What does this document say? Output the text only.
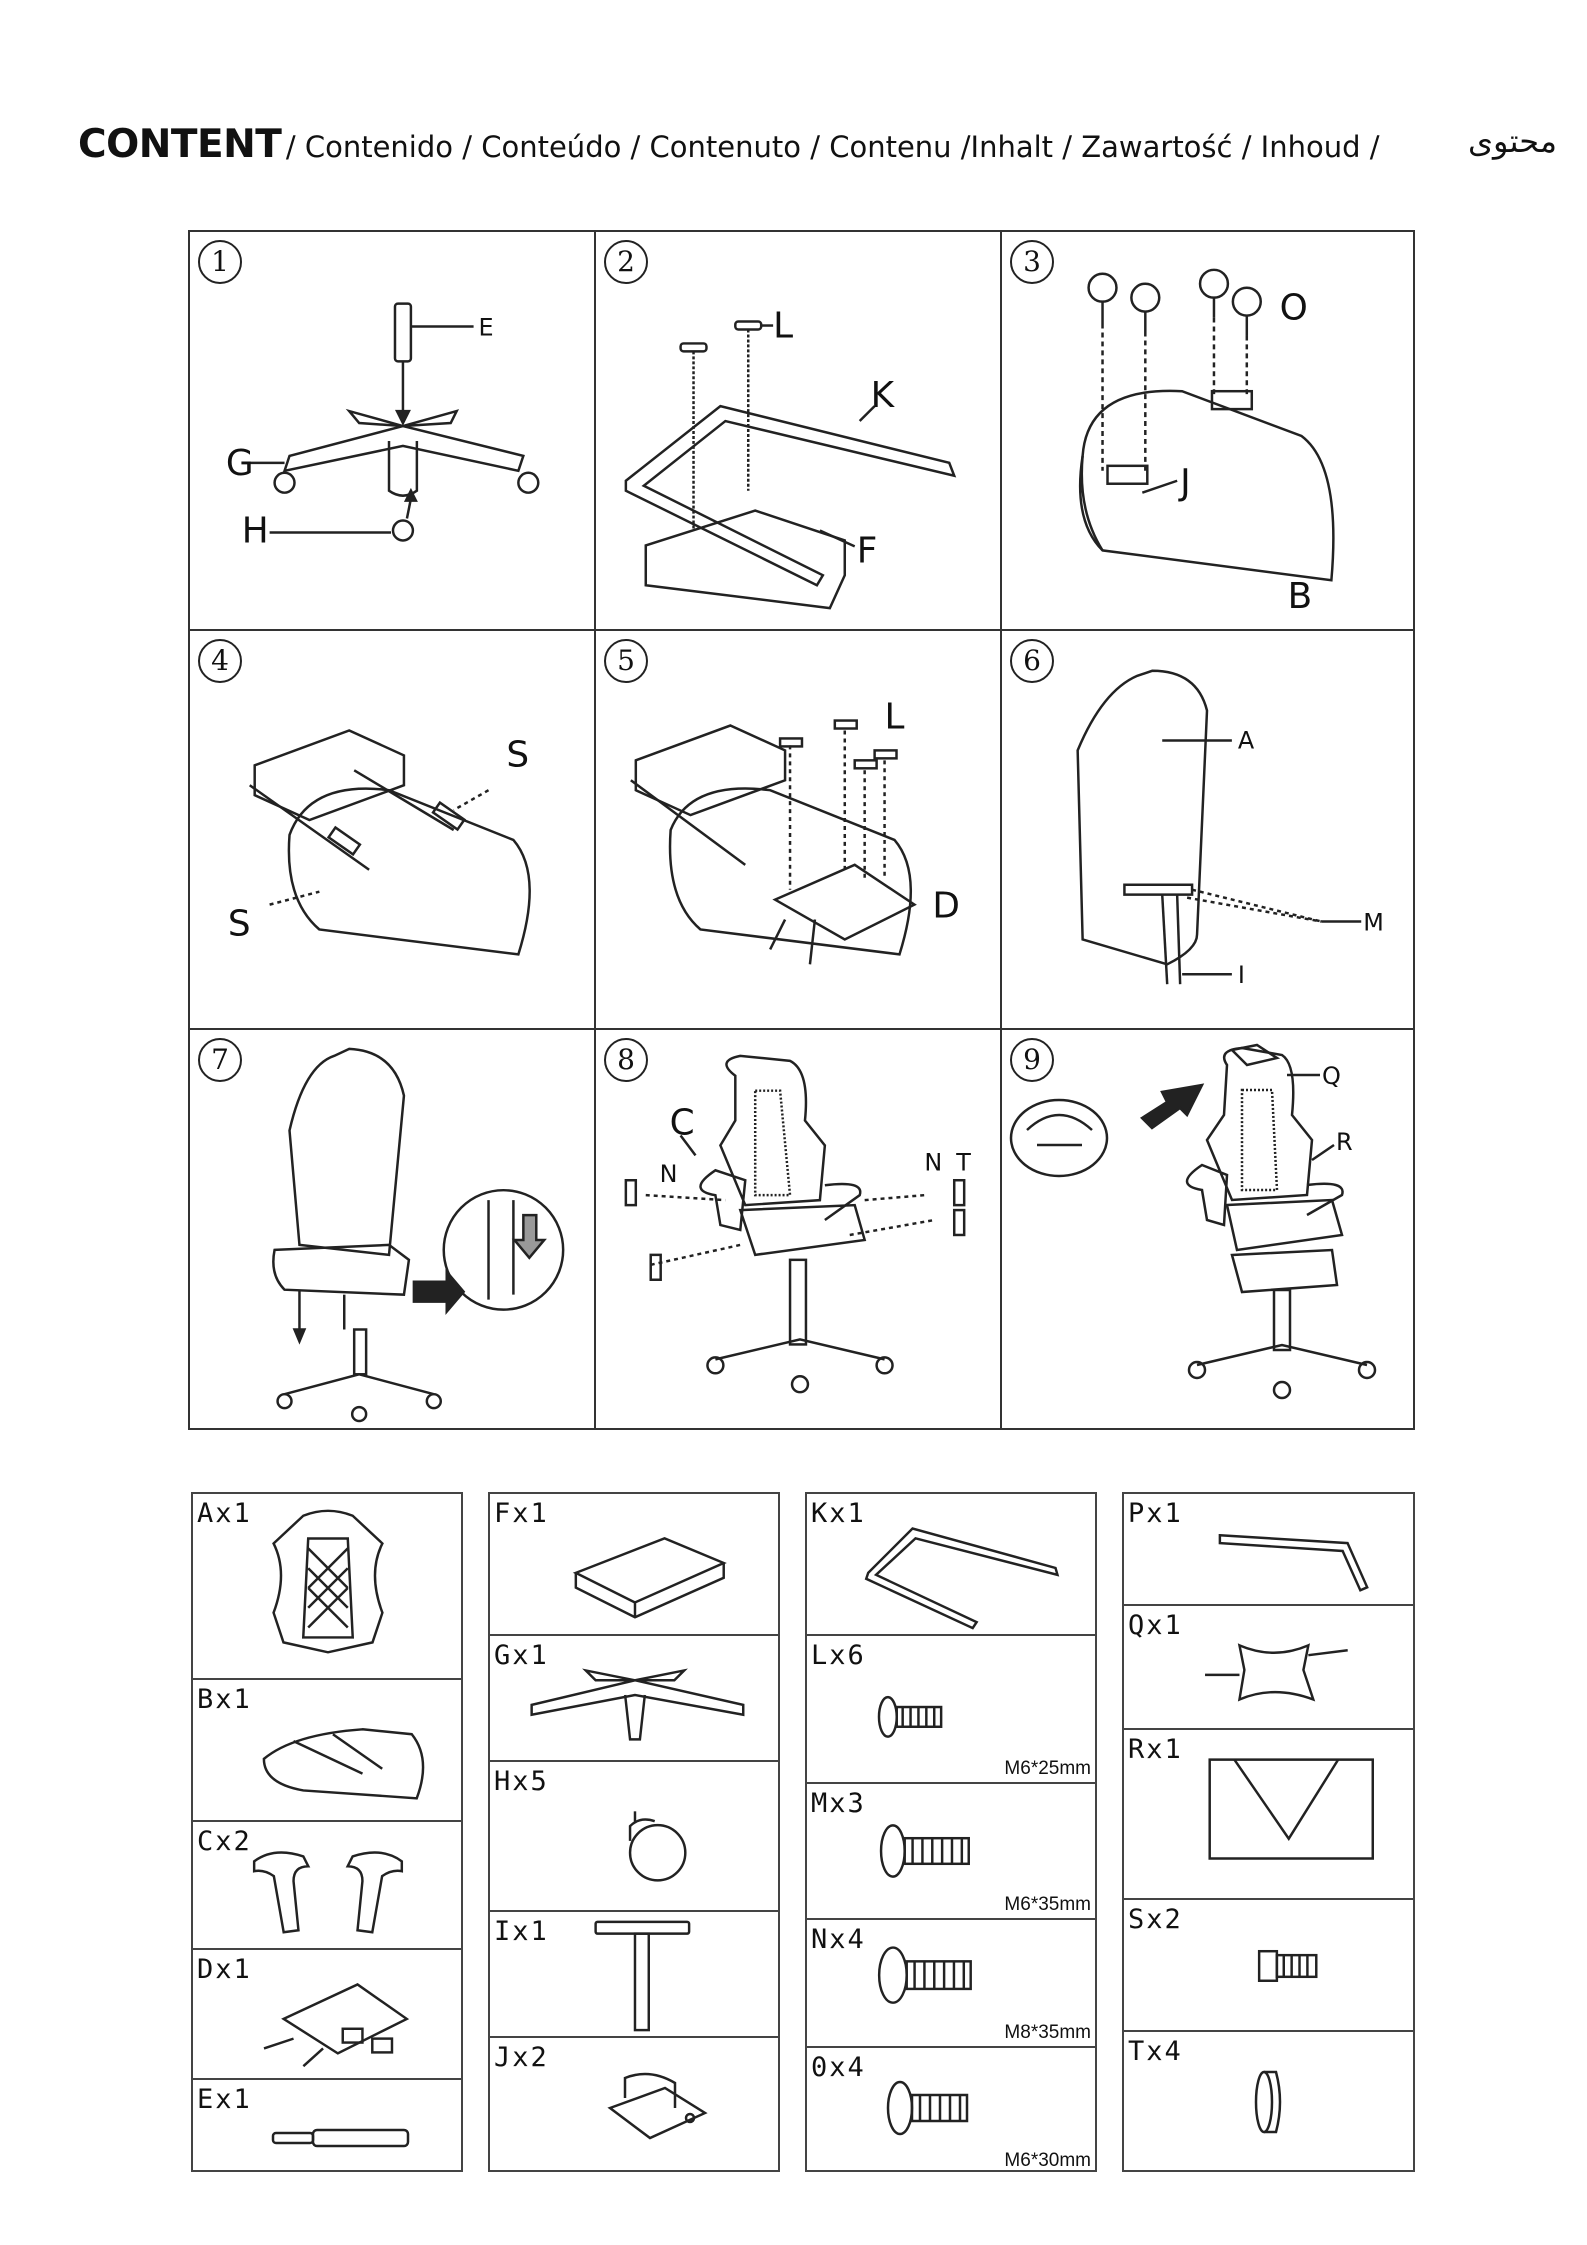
CONTENT / Contenido / Conteúdo / Contenuto / Contenu /Inhalt / Zawartość / Inhoud /	محتوى
1
E
G
H
2
L
K
F
3
O
J
B
4
S
S
5
L
D
6
A
M
I
7	8
C
N	N T
9	Q
R
Ax1
Bx1
Cx2
Dx1
Ex1
Fx1
Gx1
Hx5
Ix1
Jx2
Kx1
Lx6
M6*25mm
Mx3
M6*35mm
Nx4
M8*35mm
0x4
M6*30mm
Px1
Qx1
Rx1
Sx2
Tx4
